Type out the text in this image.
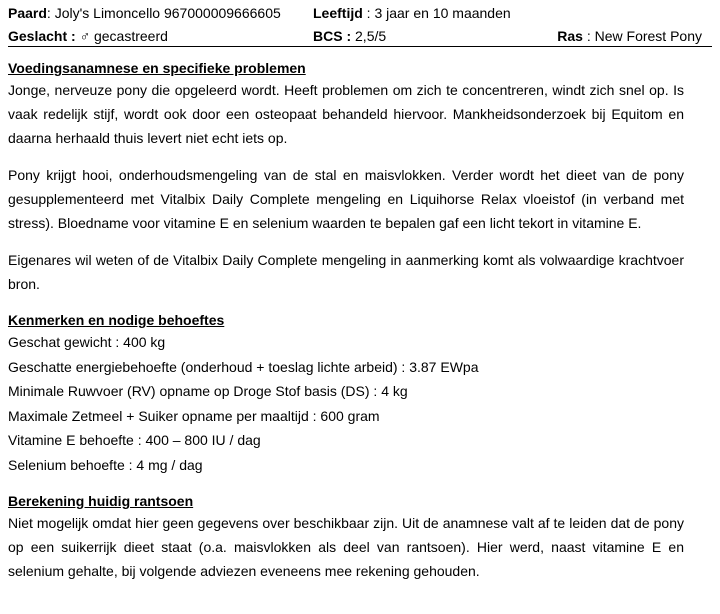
Paard: Joly's Limoncello 967000009666605 Leeftijd : 3 jaar en 10 maanden
Geslacht : ♂ gecastreerd	BCS : 2,5/5	Ras : New Forest Pony
Voedingsanamnese en specifieke problemen

Jonge, nerveuze pony die opgeleerd wordt. Heeft problemen om zich te concentreren, windt zich snel op. Is vaak redelijk stijf, wordt ook door een osteopaat behandeld hiervoor. Mankheidsonderzoek bij Equitom en daarna herhaald thuis levert niet echt iets op.

Pony krijgt hooi, onderhoudsmengeling van de stal en maisvlokken. Verder wordt het dieet van de pony gesupplementeerd met Vitalbix Daily Complete mengeling en Liquihorse Relax vloeistof (in verband met stress). Bloedname voor vitamine E en selenium waarden te bepalen gaf een licht tekort in vitamine E.

Eigenares wil weten of de Vitalbix Daily Complete mengeling in aanmerking komt als volwaardige krachtvoer bron.

Kenmerken en nodige behoeftes
Geschat gewicht : 400 kg
Geschatte energiebehoefte (onderhoud + toeslag lichte arbeid) : 3.87 EWpa
Minimale Ruwvoer (RV) opname op Droge Stof basis (DS) : 4 kg
Maximale Zetmeel + Suiker opname per maaltijd : 600 gram
Vitamine E behoefte : 400 – 800 IU / dag
Selenium behoefte : 4 mg / dag
Berekening huidig rantsoen

Niet mogelijk omdat hier geen gegevens over beschikbaar zijn. Uit de anamnese valt af te leiden dat de pony op een suikerrijk dieet staat (o.a. maisvlokken als deel van rantsoen). Hier werd, naast vitamine E en selenium gehalte, bij volgende adviezen eveneens mee rekening gehouden.
